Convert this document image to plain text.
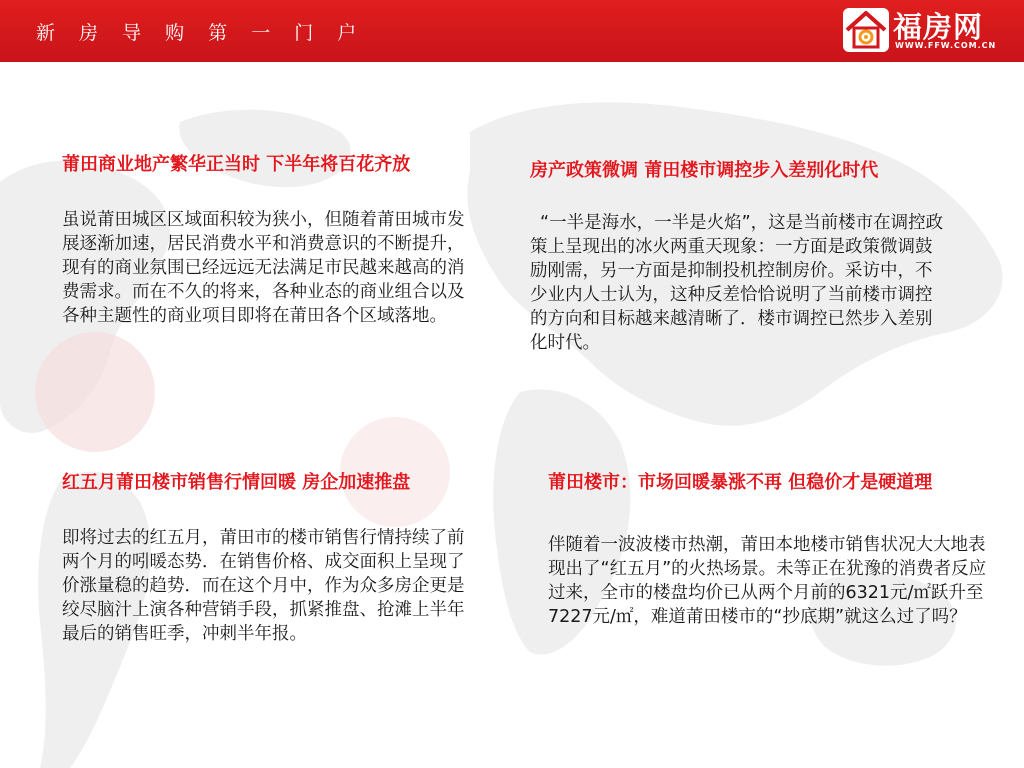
新 房 导 购 第 一 门 户	福房网
WWW.FFW.COM.CN

莆田商业地产繁华正当时 下半年将百花齐放

虽说莆田城区区域面积较为狭小，但随着莆田城市发展逐渐加速，居民消费水平和消费意识的不断提升，现有的商业氛围已经远远无法满足市民越来越高的消费需求。而在不久的将来，各种业态的商业组合以及各种主题性的商业项目即将在莆田各个区域落地。

房产政策微调 莆田楼市调控步入差别化时代

“一半是海水，一半是火焰”，这是当前楼市在调控政策上呈现出的冰火两重天现象：一方面是政策微调鼓励刚需，另一方面是抑制投机控制房价。采访中，不少业内人士认为，这种反差恰恰说明了当前楼市调控的方向和目标越来越清晰了．楼市调控已然步入差别化时代。

红五月莆田楼市销售行情回暖 房企加速推盘

即将过去的红五月，莆田市的楼市销售行情持续了前两个月的吲暖态势．在销售价格、成交面积上呈现了价涨量稳的趋势．而在这个月中，作为众多房企更是绞尽脑汁上演各种营销手段，抓紧推盘、抢滩上半年最后的销售旺季，冲刺半年报。

莆田楼市：市场回暖暴涨不再 但稳价才是硬道理

伴随着一波波楼市热潮，莆田本地楼市销售状况大大地表现出了“红五月”的火热场景。未等正在犹豫的消费者反应过来，全市的楼盘均价已从两个月前的6321元/㎡跃升至7227元/㎡，难道莆田楼市的“抄底期”就这么过了吗？
